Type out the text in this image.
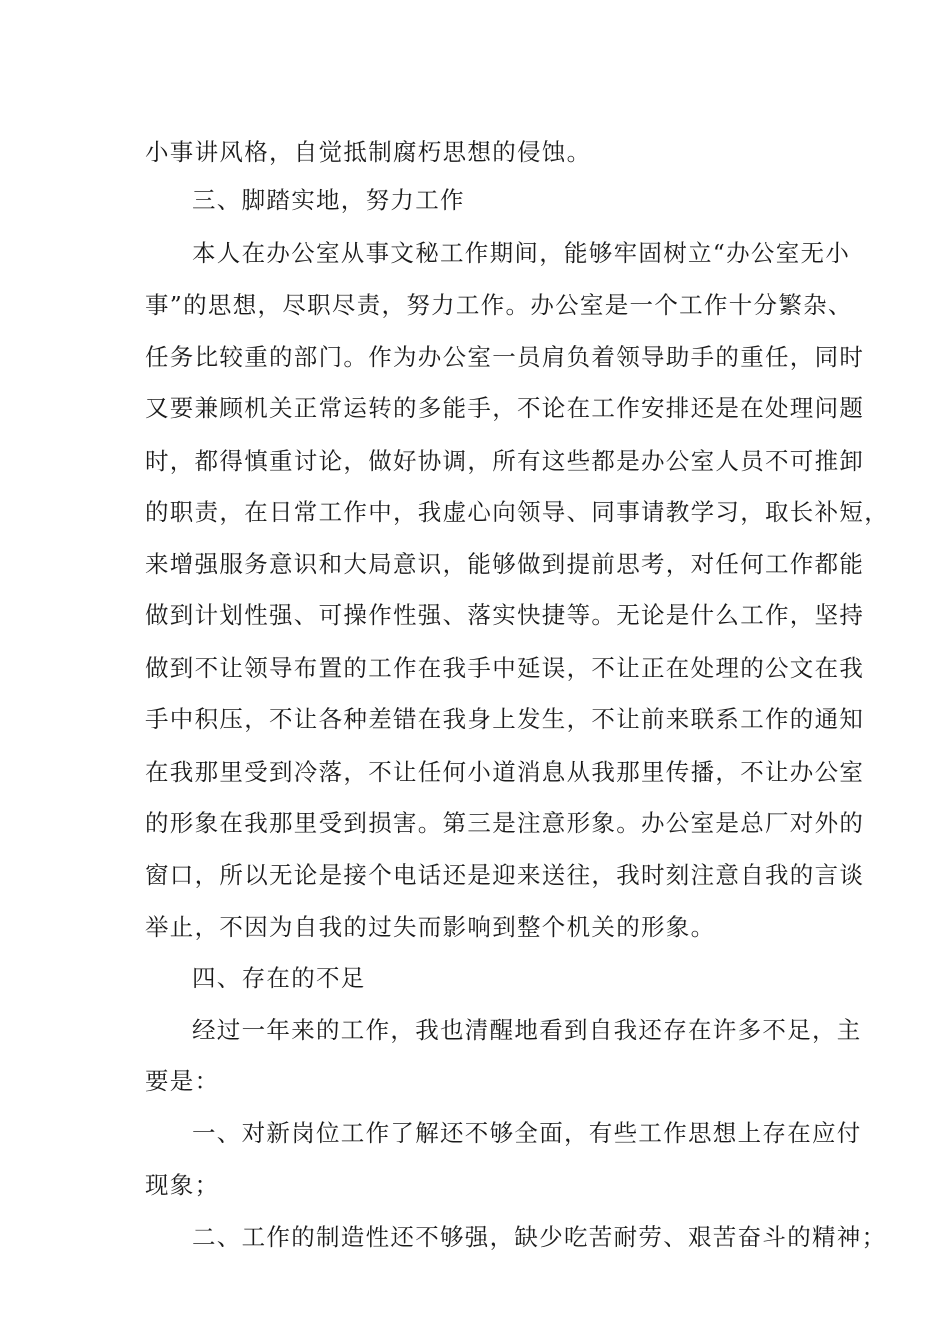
小事讲风格，自觉抵制腐朽思想的侵蚀。
三、脚踏实地，努力工作
本人在办公室从事文秘工作期间，能够牢固树立“办公室无小
事”的思想，尽职尽责，努力工作。办公室是一个工作十分繁杂、
任务比较重的部门。作为办公室一员肩负着领导助手的重任，同时
又要兼顾机关正常运转的多能手，不论在工作安排还是在处理问题
时，都得慎重讨论，做好协调，所有这些都是办公室人员不可推卸
的职责，在日常工作中，我虚心向领导、同事请教学习，取长补短，
来增强服务意识和大局意识，能够做到提前思考，对任何工作都能
做到计划性强、可操作性强、落实快捷等。无论是什么工作，坚持
做到不让领导布置的工作在我手中延误，不让正在处理的公文在我
手中积压，不让各种差错在我身上发生，不让前来联系工作的通知
在我那里受到冷落，不让任何小道消息从我那里传播，不让办公室
的形象在我那里受到损害。第三是注意形象。办公室是总厂对外的
窗口，所以无论是接个电话还是迎来送往，我时刻注意自我的言谈
举止，不因为自我的过失而影响到整个机关的形象。
四、存在的不足
经过一年来的工作，我也清醒地看到自我还存在许多不足，主
要是：
一、对新岗位工作了解还不够全面，有些工作思想上存在应付
现象；
二、工作的制造性还不够强，缺少吃苦耐劳、艰苦奋斗的精神；
